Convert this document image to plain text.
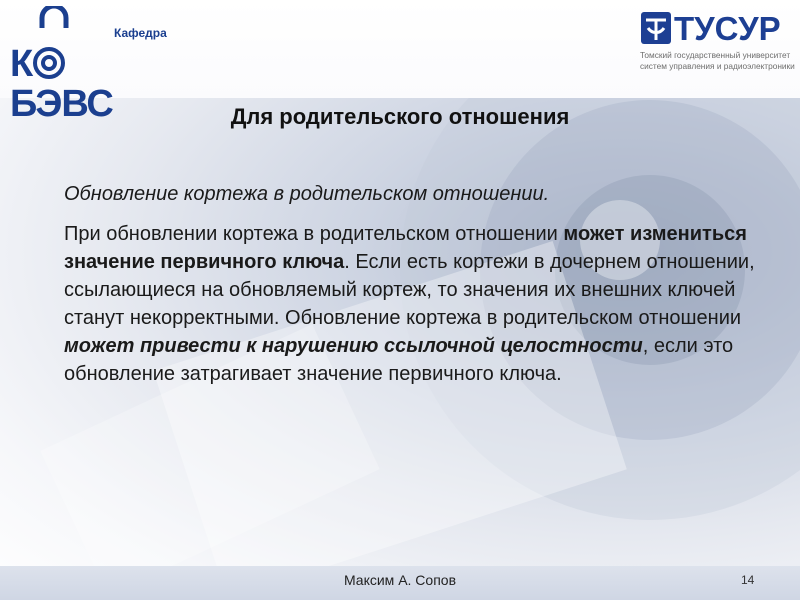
Кафедра
КБЭВС
ТУСУР
Томский государственный университет
систем управления и радиоэлектроники
Для родительского отношения

Обновление кортежа в родительском отношении.

При обновлении кортежа в родительском отношении может измениться значение первичного ключа. Если есть кортежи в дочернем отношении, ссылающиеся на обновляемый кортеж, то значения их внешних ключей станут некорректными. Обновление кортежа в родительском отношении может привести к нарушению ссылочной целостности, если это обновление затрагивает значение первичного ключа.

Максим А. Сопов	14
